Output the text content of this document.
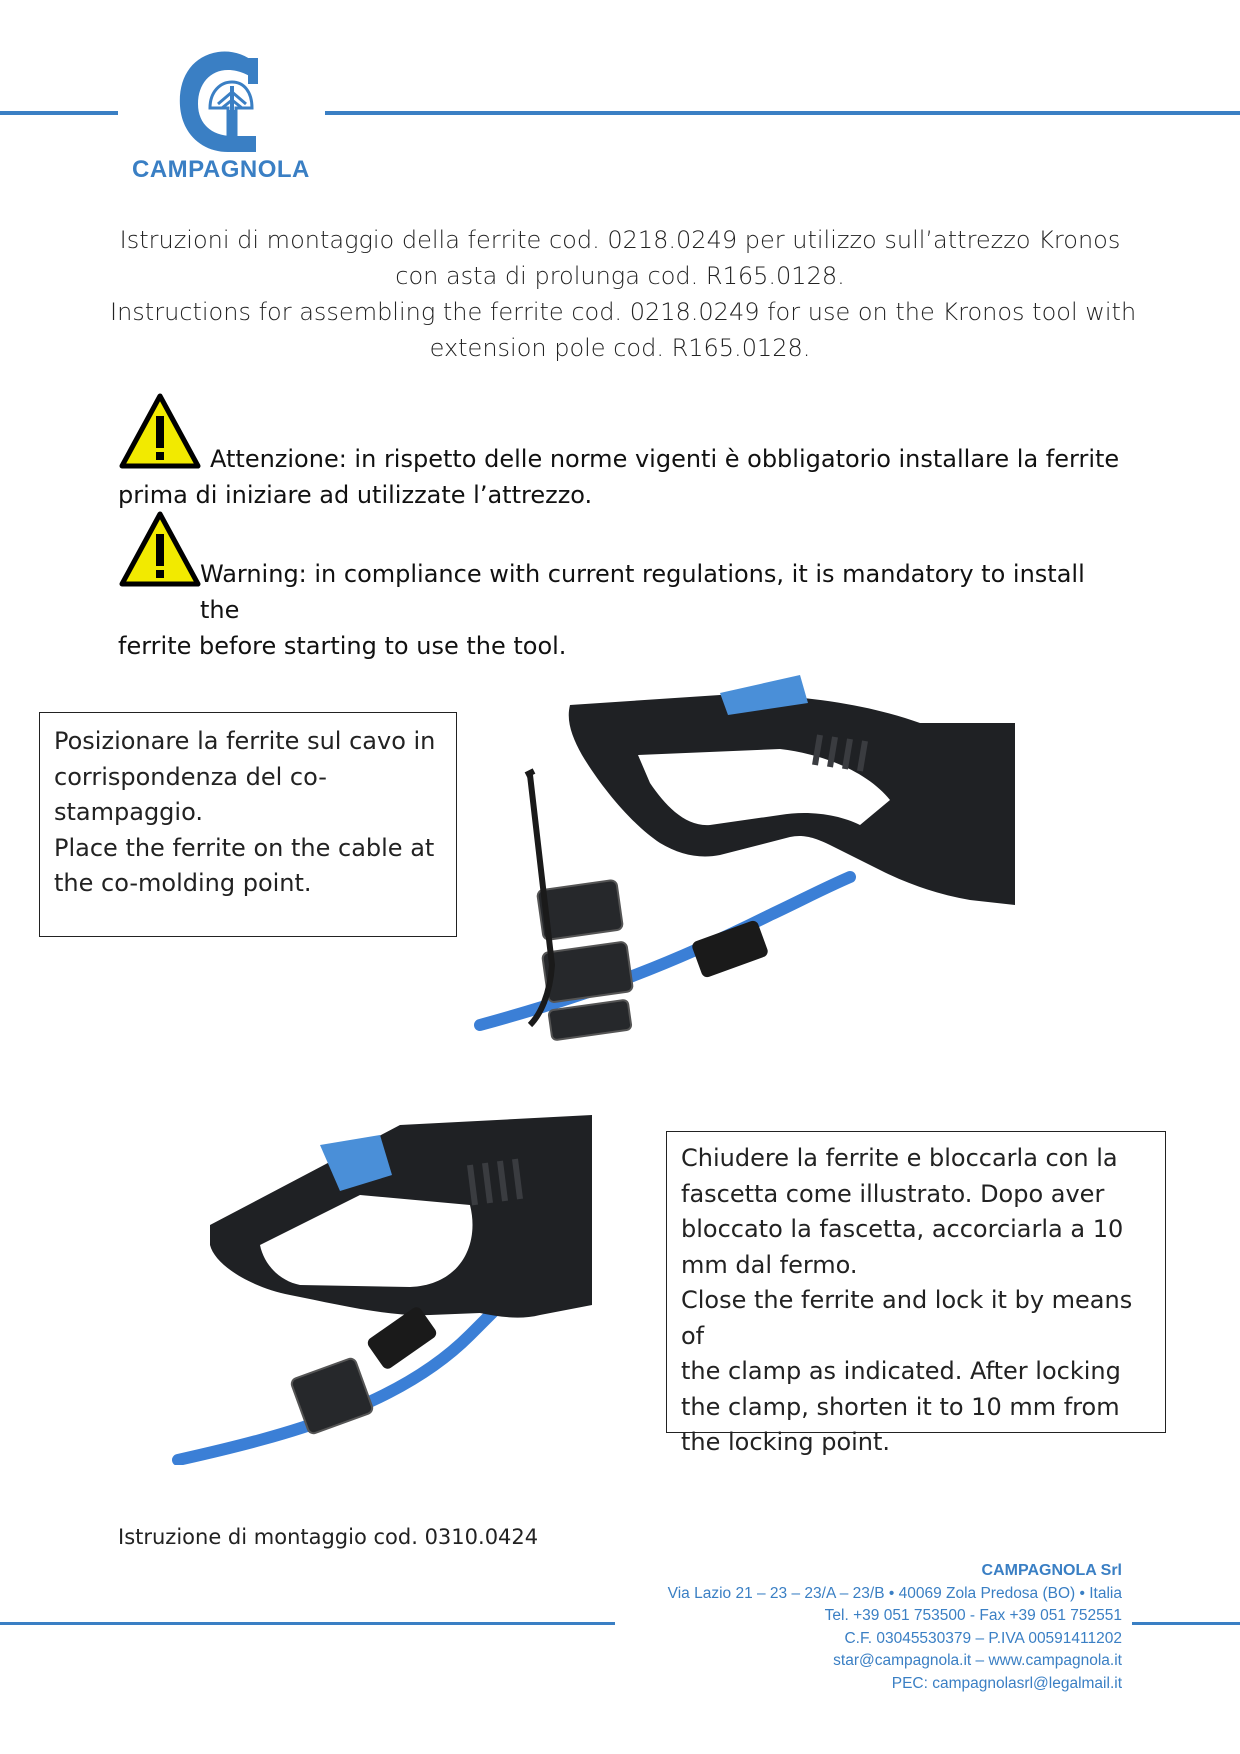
CAMPAGNOLA
Istruzioni di montaggio della ferrite cod. 0218.0249 per utilizzo sull’attrezzo Kronos
con asta di prolunga cod. R165.0128.
Instructions for assembling the ferrite cod. 0218.0249 for use on the Kronos tool with
extension pole cod. R165.0128.
Attenzione: in rispetto delle norme vigenti è obbligatorio installare la ferrite
prima di iniziare ad utilizzate l’attrezzo.
Warning: in compliance with current regulations, it is mandatory to install the
ferrite before starting to use the tool.

Posizionare la ferrite sul cavo in

corrispondenza del co-

stampaggio.

Place the ferrite on the cable at

the co-molding point.

Chiudere la ferrite e bloccarla con la

fascetta come illustrato. Dopo aver

bloccato la fascetta, accorciarla a 10

mm dal fermo.

Close the ferrite and lock it by means of

the clamp as indicated. After locking

the clamp, shorten it to 10 mm from

the locking point.

Istruzione di montaggio cod. 0310.0424
CAMPAGNOLA Srl
Via Lazio 21 – 23 – 23/A – 23/B • 40069 Zola Predosa (BO) • Italia
Tel. +39 051 753500 - Fax +39 051 752551
C.F. 03045530379 – P.IVA 00591411202
star@campagnola.it – www.campagnola.it
PEC: campagnolasrl@legalmail.it
